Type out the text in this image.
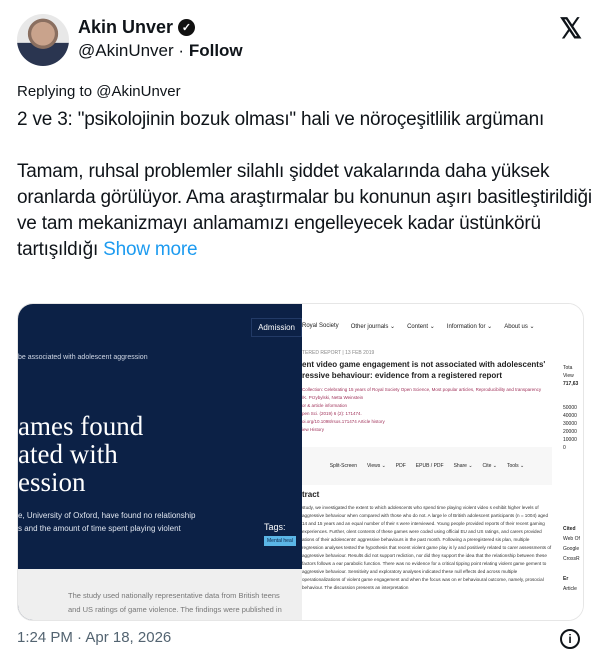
Akin Unver ✓
@AkinUnver · Follow
𝕏
Replying to @AkinUnver

2 ve 3: "psikolojinin bozuk olması" hali ve nöroçeşitlilik argümanı

Tamam, ruhsal problemler silahlı şiddet vakalarında daha yüksek oranlarda görülüyor. Ama araştırmalar bu konunun aşırı basitleştirildiği ve tam mekanizmayı anlamamızı engelleyecek kadar üstünkörü tartışıldığı Show more

Admission
be associated with adolescent aggression
ames found
ated with
ession
e, University of Oxford, have found no relationship
s and the amount of time spent playing violent	Tags:
Mental heal
The study used nationally representative data from British teens
and US ratings of game violence. The findings were published in
Royal Society Other journals ⌄ Content ⌄ Information for ⌄ About us ⌄
TERED REPORT | 13 FEB 2019
ent video game engagement is not associated with adolescents' ressive behaviour: evidence from a registered report
Collection: Celebrating 15 years of Royal Society Open Science, Most popular articles, Reproducibility and transparency
/K. Przybylski, Netta Weinstein
or & article information
pen Sci. (2019) 6 (2): 171474.
oi.org/10.1098/rsos.171474 Article history
iew History
Split-Screen Views ⌄ PDF EPUB / PDF Share ⌄ Cite ⌄ Tools ⌄
tract
study, we investigated the extent to which adolescents who spend time playing violent video s exhibit higher levels of aggressive behaviour when compared with those who do not. A large le of British adolescent participants (n = 1004) aged 14 and 15 years and an equal number of their s were interviewed. Young people provided reports of their recent gaming experiences. Further, olent contents of these games were coded using official EU and US ratings, and carers provided ations of their adolescents' aggressive behaviours in the past month. Following a preregistered sis plan, multiple regression analyses tested the hypothesis that recent violent game play is ly and positively related to carer assessments of aggressive behaviour. Results did not support rediction, nor did they support the idea that the relationship between these factors follows a ear parabolic function. There was no evidence for a critical tipping point relating violent game gement to aggressive behaviour. Sensitivity and exploratory analyses indicated these null effects ded across multiple operationalizations of violent game engagement and when the focus was on er behavioural outcome, namely, prosocial behaviour. The discussion presents an interpretation
Tota
View
717,63

50000
40000
30000
20000
10000
0
Cited
Web Of
Google
CrossR

Er
Article
1:24 PM · Apr 18, 2026	i
